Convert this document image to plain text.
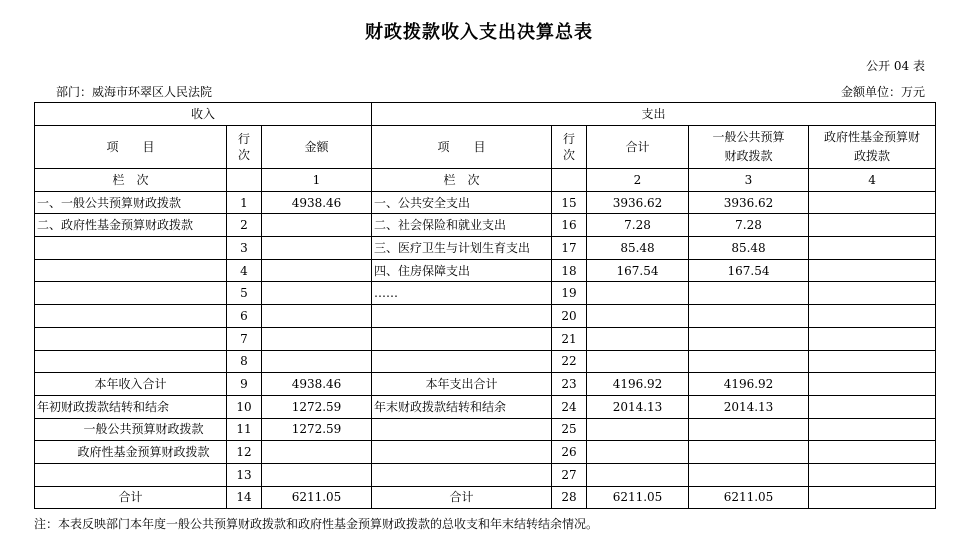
财政拨款收入支出决算总表
公开 04 表
部门：威海市环翠区人民法院	金额单位：万元
收入			支出				
项　　目	行次	金额	项　　目	行次	合计	一般公共预算财政拨款	政府性基金预算财政拨款
栏　次		1	栏　次		2	3	4
一、一般公共预算财政拨款	1	4938.46	一、公共安全支出	15	3936.62	3936.62	
二、政府性基金预算财政拨款	2		二、社会保险和就业支出	16	7.28	7.28	
	3		三、医疗卫生与计划生育支出	17	85.48	85.48	
	4		四、住房保障支出	18	167.54	167.54	
	5		……	19			
	6			20			
	7			21			
	8			22			
本年收入合计	9	4938.46	本年支出合计	23	4196.92	4196.92	
年初财政拨款结转和结余	10	1272.59	年末财政拨款结转和结余	24	2014.13	2014.13	
一般公共预算财政拨款	11	1272.59		25			
政府性基金预算财政拨款	12			26			
	13			27			
合计	14	6211.05	合计	28	6211.05	6211.05	
注：本表反映部门本年度一般公共预算财政拨款和政府性基金预算财政拨款的总收支和年末结转结余情况。
